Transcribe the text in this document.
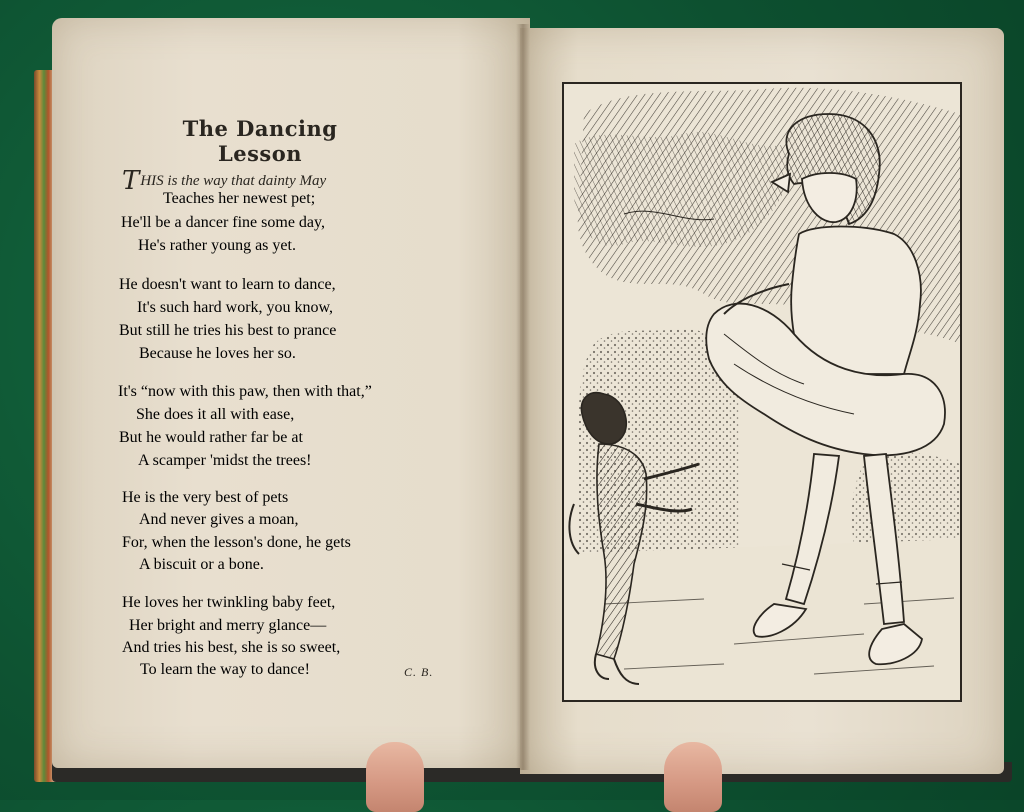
The Dancing Lesson

THIS is the way that dainty May

Teaches her newest pet;

He'll be a dancer fine some day,

He's rather young as yet.

He doesn't want to learn to dance,

It's such hard work, you know,

But still he tries his best to prance

Because he loves her so.

It's “now with this paw, then with that,”

She does it all with ease,

But he would rather far be at

A scamper 'midst the trees!

He is the very best of pets

And never gives a moan,

For, when the lesson's done, he gets

A biscuit or a bone.

He loves her twinkling baby feet,

Her bright and merry glance—

And tries his best, she is so sweet,

To learn the way to dance!	C. B.
